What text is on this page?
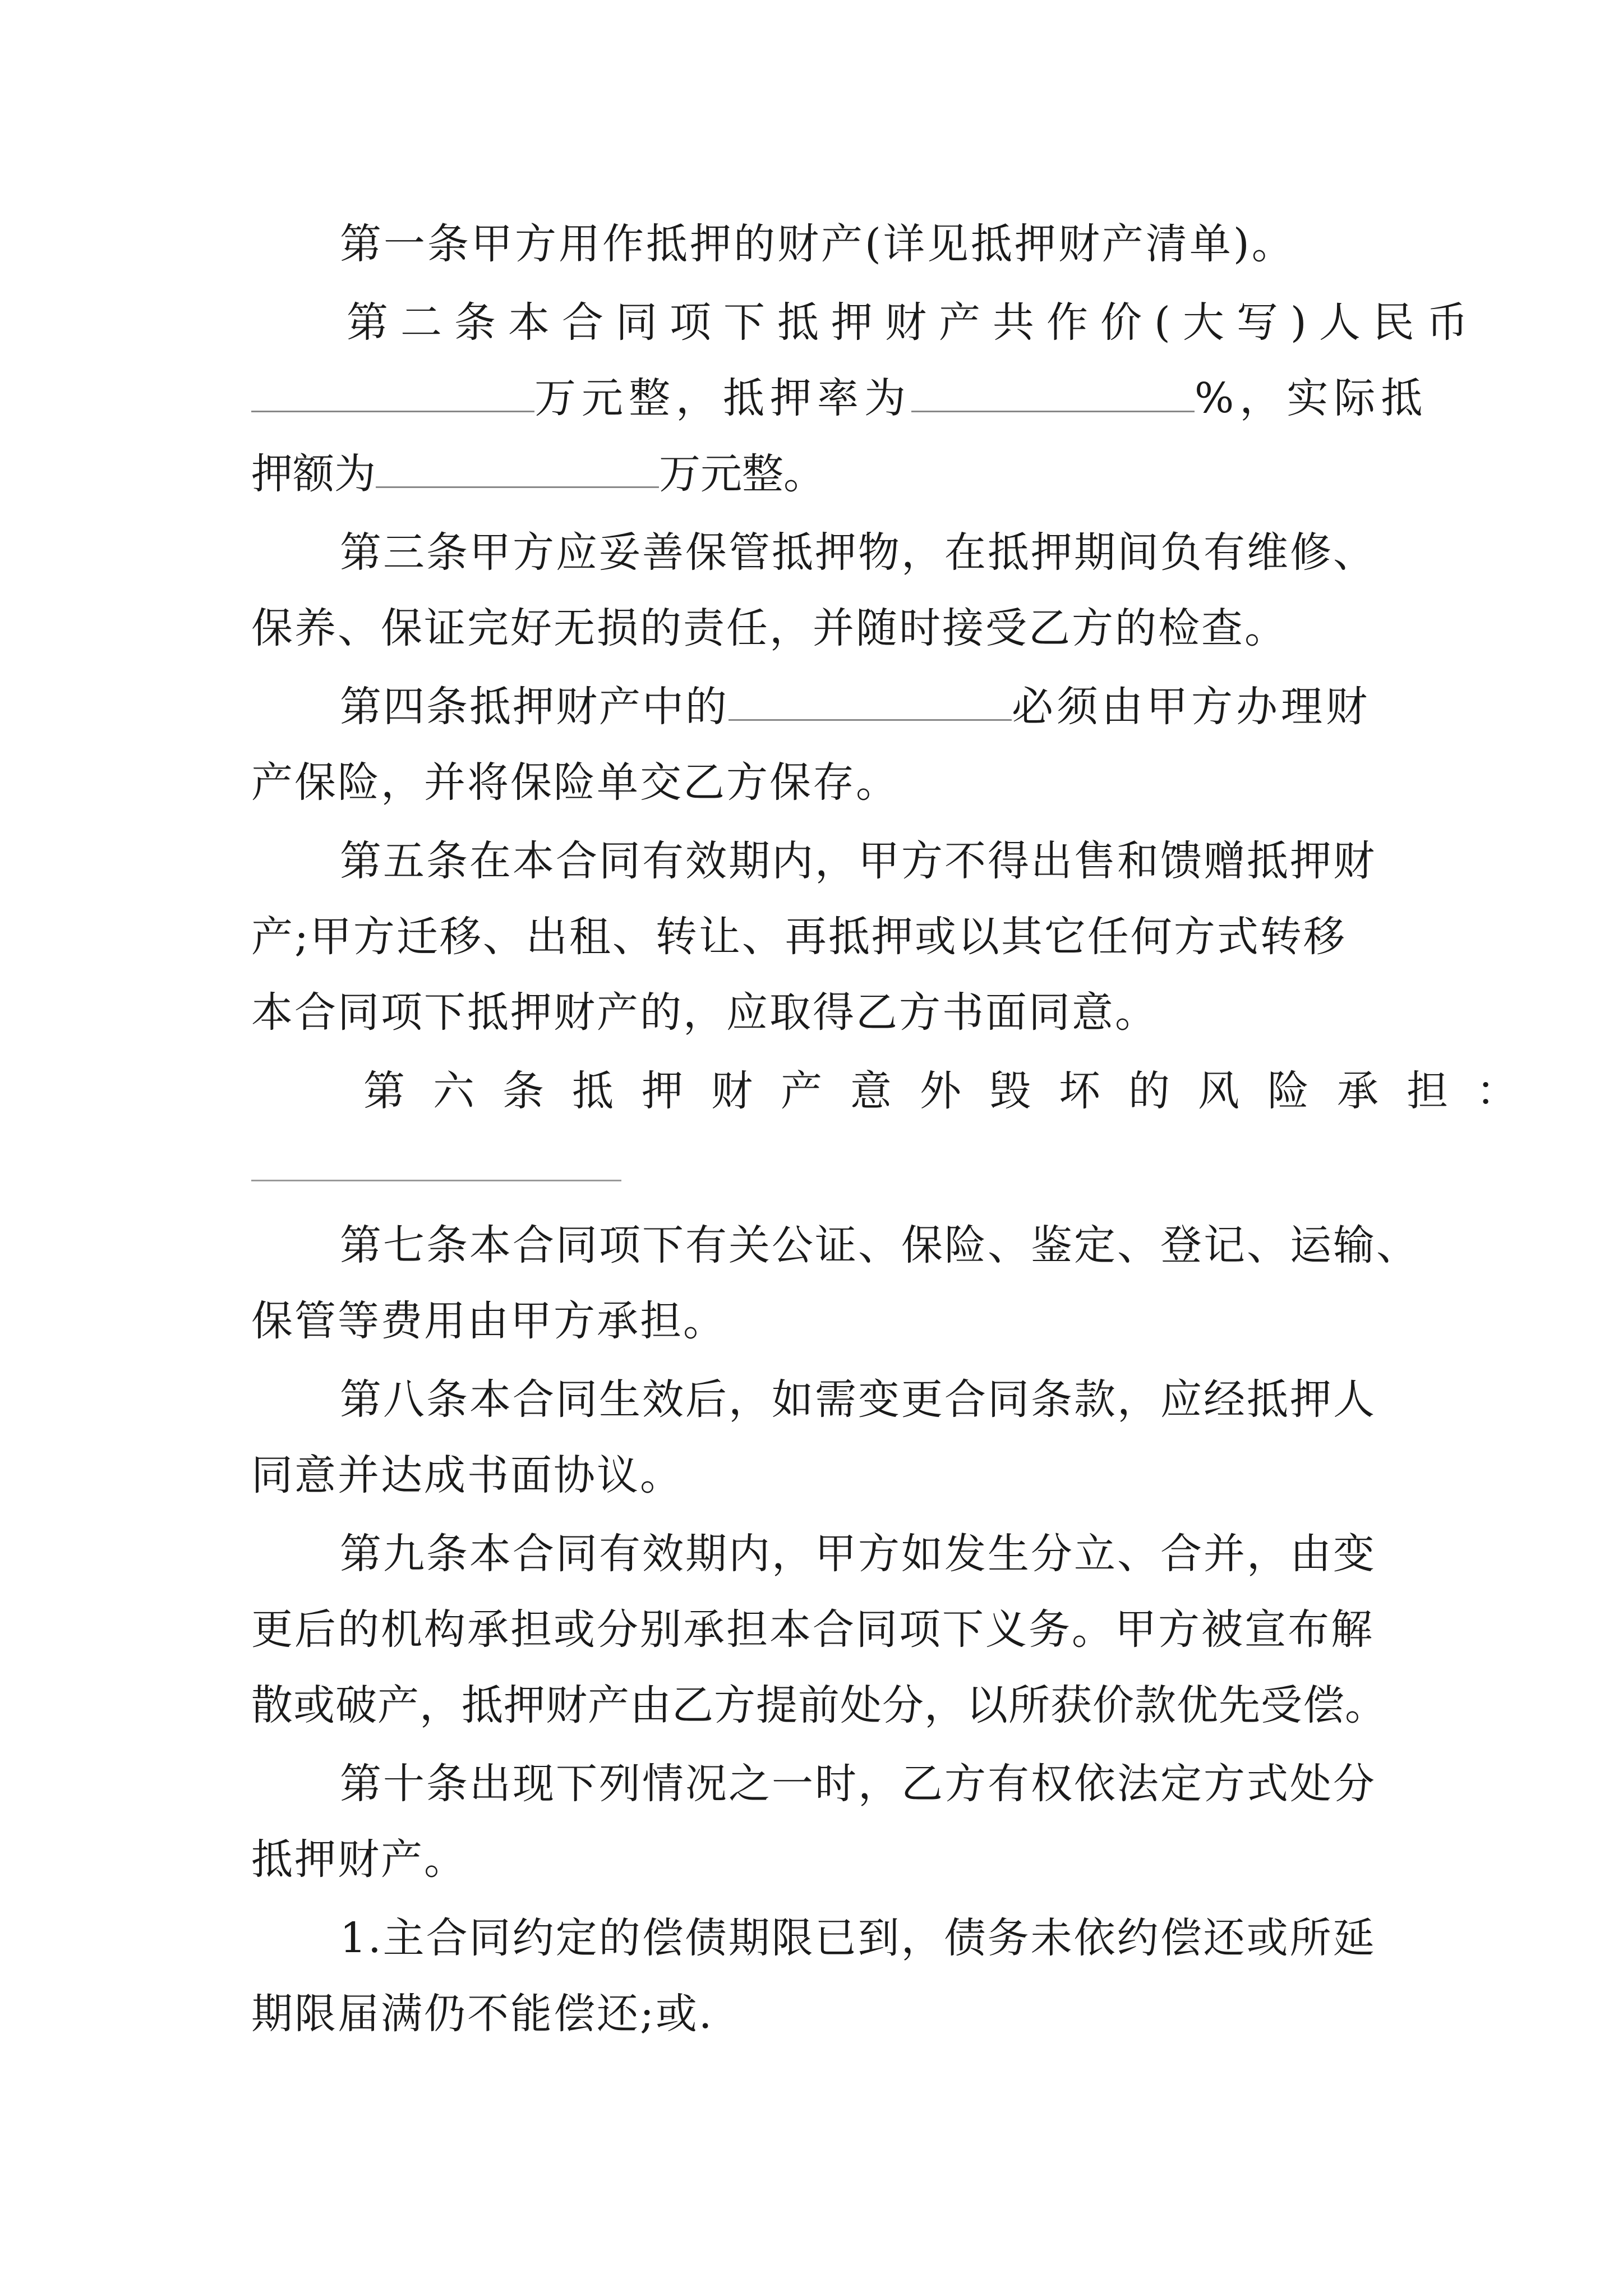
第一条甲方用作抵押的财产(详见抵押财产清单)。
第二条本合同项下抵押财产共作价(大写)人民币
万元整，抵押率为	%，实际抵
押额为	万元整。
第三条甲方应妥善保管抵押物，在抵押期间负有维修、
保养、保证完好无损的责任，并随时接受乙方的检查。
第四条抵押财产中的	必须由甲方办理财
产保险，并将保险单交乙方保存。
第五条在本合同有效期内，甲方不得出售和馈赠抵押财
产;甲方迁移、出租、转让、再抵押或以其它任何方式转移
本合同项下抵押财产的，应取得乙方书面同意。
第六条抵押财产意外毁坏的风险承担：
第七条本合同项下有关公证、保险、鉴定、登记、运输、
保管等费用由甲方承担。
第八条本合同生效后，如需变更合同条款，应经抵押人
同意并达成书面协议。
第九条本合同有效期内，甲方如发生分立、合并，由变
更后的机构承担或分别承担本合同项下义务。甲方被宣布解
散或破产，抵押财产由乙方提前处分，以所获价款优先受偿。
第十条出现下列情况之一时，乙方有权依法定方式处分
抵押财产。
1.主合同约定的偿债期限已到，债务未依约偿还或所延
期限届满仍不能偿还;或.
